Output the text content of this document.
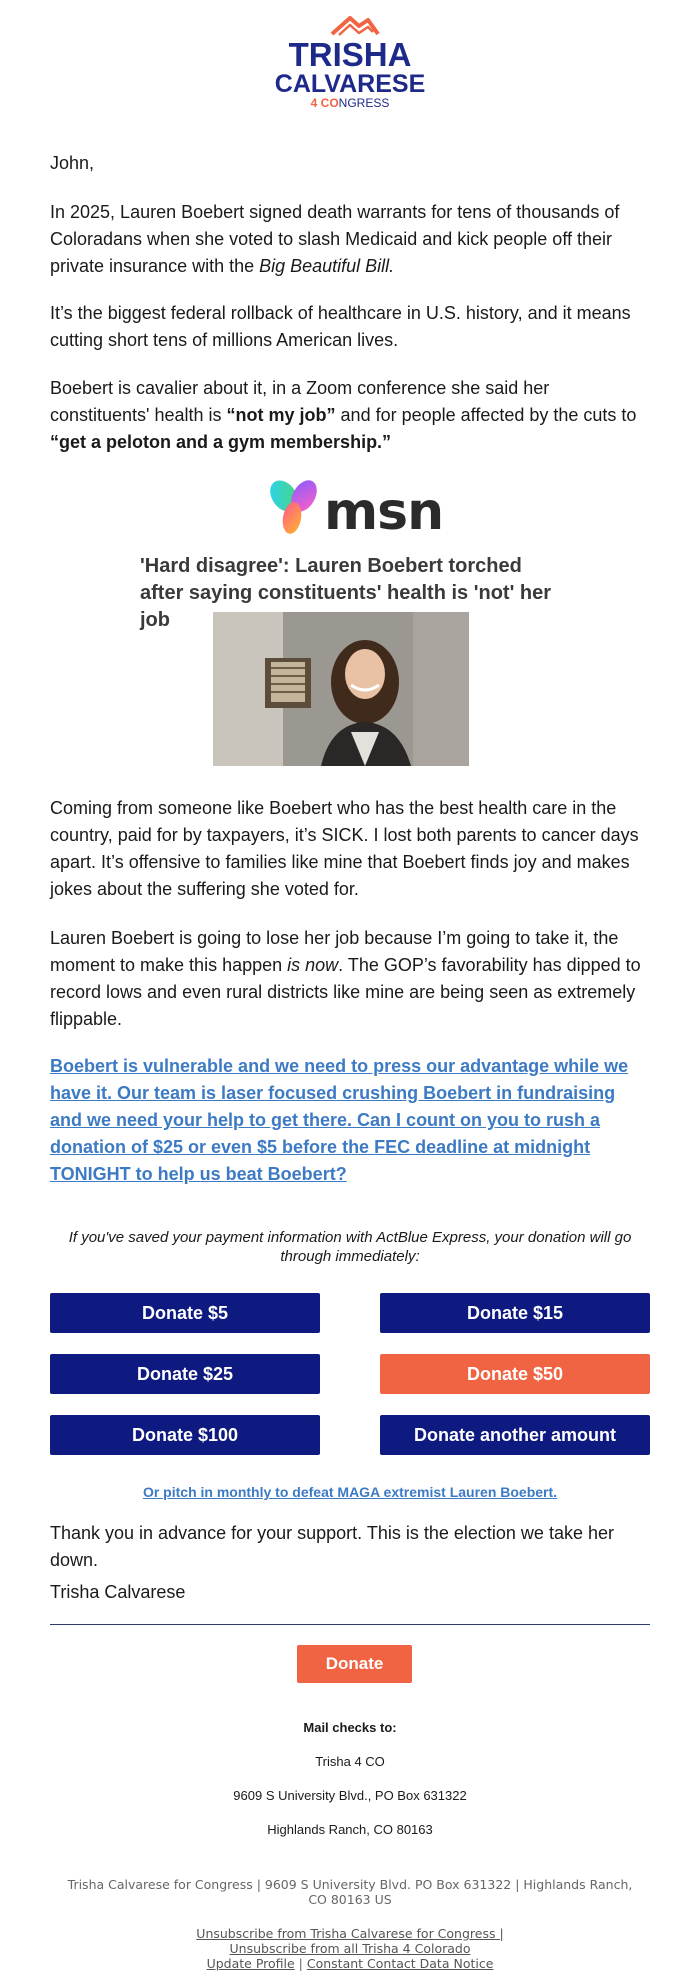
TRISHA
CALVARESE
4 CONGRESS
John,

In 2025, Lauren Boebert signed death warrants for tens of thousands of Coloradans when she voted to slash Medicaid and kick people off their private insurance with the Big Beautiful Bill.

It’s the biggest federal rollback of healthcare in U.S. history, and it means cutting short tens of millions American lives.

Boebert is cavalier about it, in a Zoom conference she said her constituents' health is “not my job” and for people affected by the cuts to “get a peloton and a gym membership.”

msn
'Hard disagree': Lauren Boebert torched after saying constituents' health is 'not' her job
Coming from someone like Boebert who has the best health care in the country, paid for by taxpayers, it’s SICK. I lost both parents to cancer days apart. It’s offensive to families like mine that Boebert finds joy and makes jokes about the suffering she voted for.

Lauren Boebert is going to lose her job because I’m going to take it, the moment to make this happen is now. The GOP’s favorability has dipped to record lows and even rural districts like mine are being seen as extremely flippable.

Boebert is vulnerable and we need to press our advantage while we have it. Our team is laser focused crushing Boebert in fundraising and we need your help to get there. Can I count on you to rush a donation of $25 or even $5 before the FEC deadline at midnight TONIGHT to help us beat Boebert?
If you've saved your payment information with ActBlue Express, your donation will go through immediately:
Donate $5	Donate $15
Donate $25	Donate $50
Donate $100	Donate another amount
Or pitch in monthly to defeat MAGA extremist Lauren Boebert.
Thank you in advance for your support. This is the election we take her down.
Trisha Calvarese
Donate
Mail checks to:
Trisha 4 CO
9609 S University Blvd., PO Box 631322
Highlands Ranch, CO 80163
Trisha Calvarese for Congress | 9609 S University Blvd. PO Box 631322 | Highlands Ranch, CO 80163 US
Unsubscribe from Trisha Calvarese for Congress |
Unsubscribe from all Trisha 4 Colorado
Update Profile | Constant Contact Data Notice
